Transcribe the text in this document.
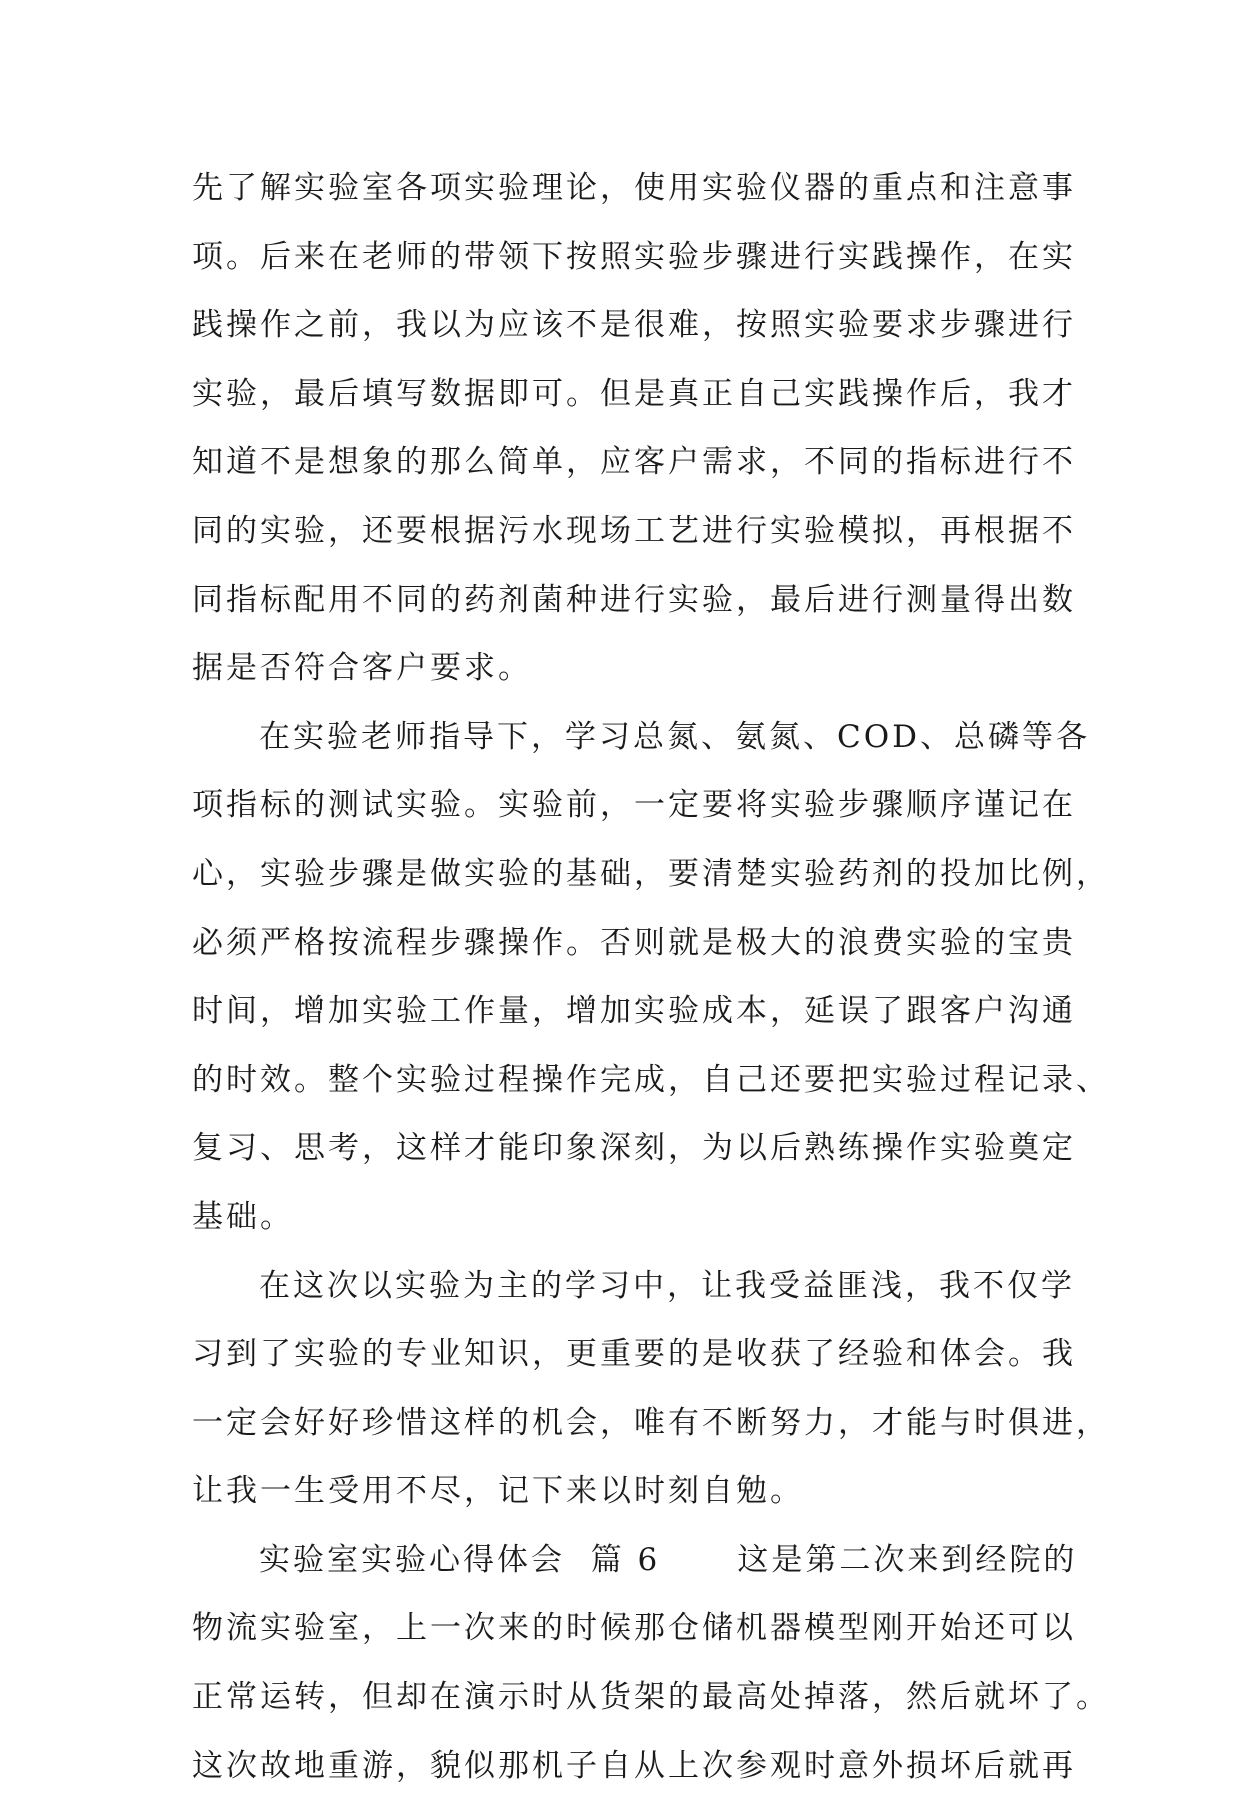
先了解实验室各项实验理论，使用实验仪器的重点和注意事
项。后来在老师的带领下按照实验步骤进行实践操作，在实
践操作之前，我以为应该不是很难，按照实验要求步骤进行
实验，最后填写数据即可。但是真正自己实践操作后，我才
知道不是想象的那么简单，应客户需求，不同的指标进行不
同的实验，还要根据污水现场工艺进行实验模拟，再根据不
同指标配用不同的药剂菌种进行实验，最后进行测量得出数
据是否符合客户要求。
在实验老师指导下，学习总氮、氨氮、COD、总磷等各
项指标的测试实验。实验前，一定要将实验步骤顺序谨记在
心，实验步骤是做实验的基础，要清楚实验药剂的投加比例，
必须严格按流程步骤操作。否则就是极大的浪费实验的宝贵
时间，增加实验工作量，增加实验成本，延误了跟客户沟通
的时效。整个实验过程操作完成，自己还要把实验过程记录、
复习、思考，这样才能印象深刻，为以后熟练操作实验奠定
基础。
在这次以实验为主的学习中，让我受益匪浅，我不仅学
习到了实验的专业知识，更重要的是收获了经验和体会。我
一定会好好珍惜这样的机会，唯有不断努力，才能与时俱进，
让我一生受用不尽，记下来以时刻自勉。
实验室实验心得体会  篇 6      这是第二次来到经院的
物流实验室，上一次来的时候那仓储机器模型刚开始还可以
正常运转，但却在演示时从货架的最高处掉落，然后就坏了。
这次故地重游，貌似那机子自从上次参观时意外损坏后就再
